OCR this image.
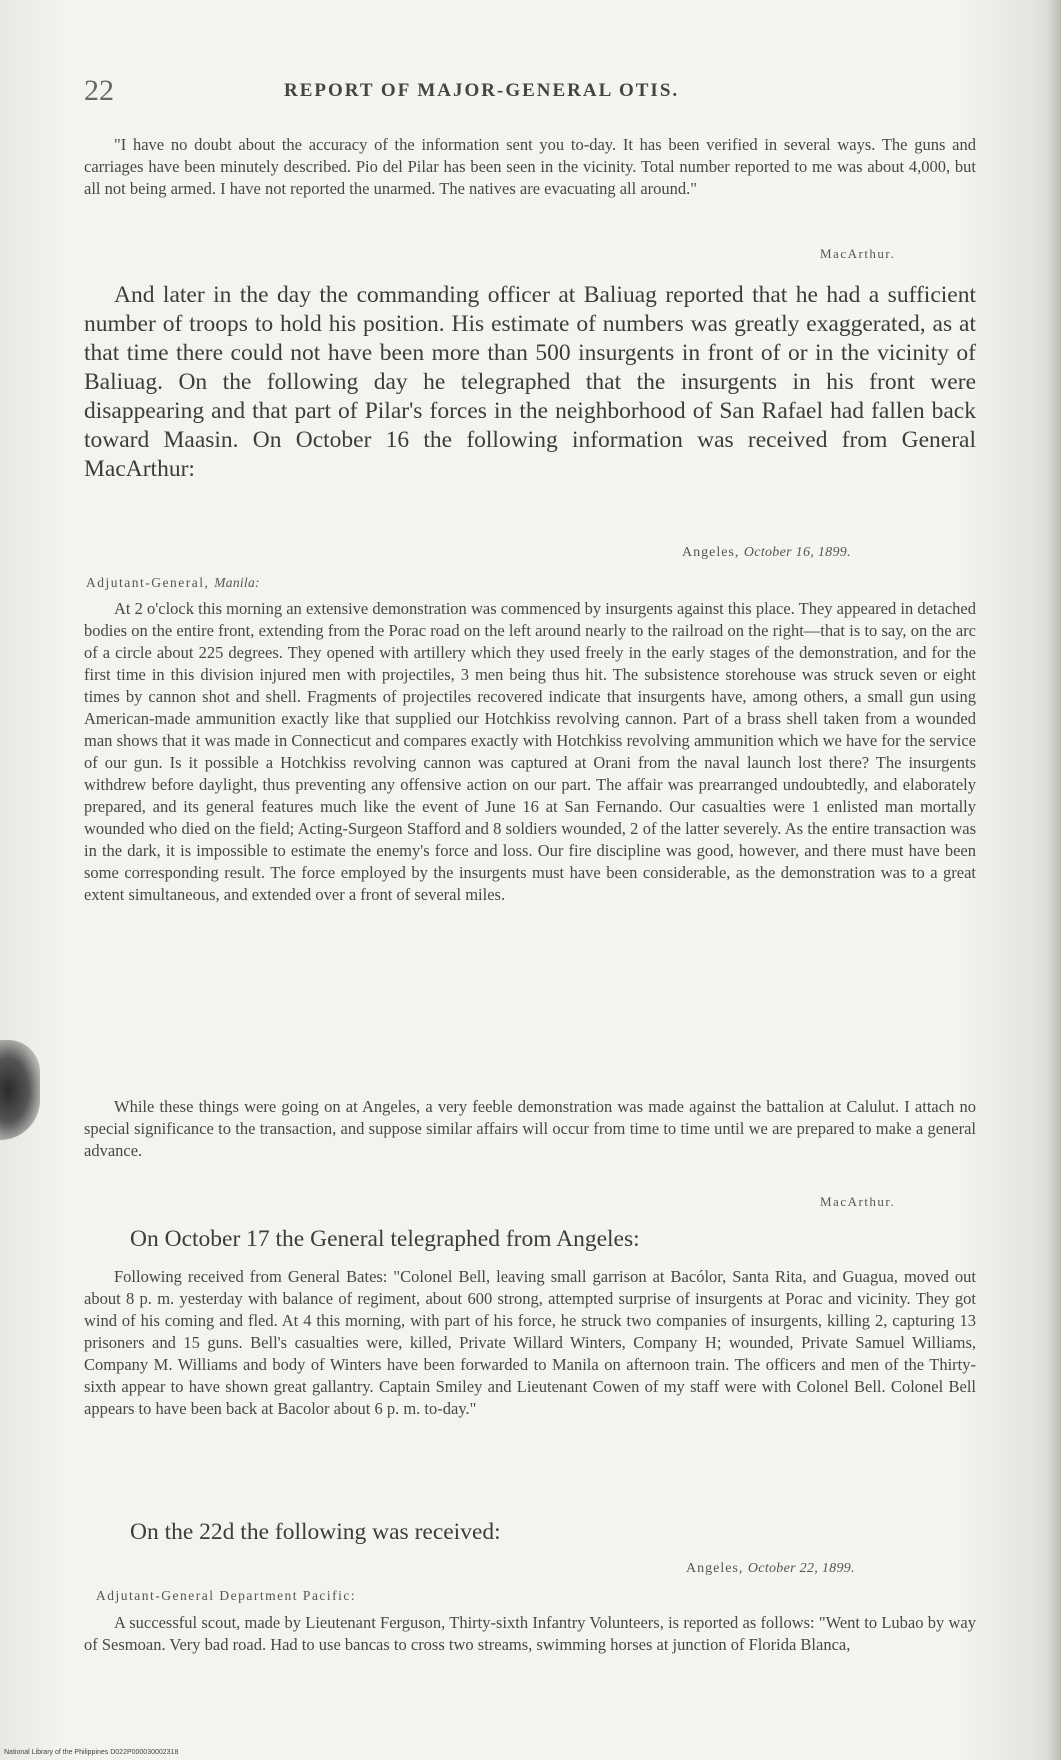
22	REPORT OF MAJOR-GENERAL OTIS.

"I have no doubt about the accuracy of the information sent you to-day. It has been verified in several ways. The guns and carriages have been minutely described. Pio del Pilar has been seen in the vicinity. Total number reported to me was about 4,000, but all not being armed. I have not reported the unarmed. The natives are evacuating all around."

MacArthur.

And later in the day the commanding officer at Baliuag reported that he had a sufficient number of troops to hold his position. His estimate of numbers was greatly exaggerated, as at that time there could not have been more than 500 insurgents in front of or in the vicinity of Baliuag. On the following day he telegraphed that the insurgents in his front were disappearing and that part of Pilar's forces in the neighborhood of San Rafael had fallen back toward Maasin. On October 16 the following information was received from General MacArthur:

Angeles, October 16, 1899.
Adjutant-General, Manila:

At 2 o'clock this morning an extensive demonstration was commenced by insurgents against this place. They appeared in detached bodies on the entire front, extending from the Porac road on the left around nearly to the railroad on the right—that is to say, on the arc of a circle about 225 degrees. They opened with artillery which they used freely in the early stages of the demonstration, and for the first time in this division injured men with projectiles, 3 men being thus hit. The subsistence storehouse was struck seven or eight times by cannon shot and shell. Fragments of projectiles recovered indicate that insurgents have, among others, a small gun using American-made ammunition exactly like that supplied our Hotchkiss revolving cannon. Part of a brass shell taken from a wounded man shows that it was made in Connecticut and compares exactly with Hotchkiss revolving ammunition which we have for the service of our gun. Is it possible a Hotchkiss revolving cannon was captured at Orani from the naval launch lost there? The insurgents withdrew before daylight, thus preventing any offensive action on our part. The affair was prearranged undoubtedly, and elaborately prepared, and its general features much like the event of June 16 at San Fernando. Our casualties were 1 enlisted man mortally wounded who died on the field; Acting-Surgeon Stafford and 8 soldiers wounded, 2 of the latter severely. As the entire transaction was in the dark, it is impossible to estimate the enemy's force and loss. Our fire discipline was good, however, and there must have been some corresponding result. The force employed by the insurgents must have been considerable, as the demonstration was to a great extent simultaneous, and extended over a front of several miles.

While these things were going on at Angeles, a very feeble demonstration was made against the battalion at Calulut. I attach no special significance to the transaction, and suppose similar affairs will occur from time to time until we are prepared to make a general advance.

MacArthur.

On October 17 the General telegraphed from Angeles:

Following received from General Bates: "Colonel Bell, leaving small garrison at Bacólor, Santa Rita, and Guagua, moved out about 8 p. m. yesterday with balance of regiment, about 600 strong, attempted surprise of insurgents at Porac and vicinity. They got wind of his coming and fled. At 4 this morning, with part of his force, he struck two companies of insurgents, killing 2, capturing 13 prisoners and 15 guns. Bell's casualties were, killed, Private Willard Winters, Company H; wounded, Private Samuel Williams, Company M. Williams and body of Winters have been forwarded to Manila on afternoon train. The officers and men of the Thirty-sixth appear to have shown great gallantry. Captain Smiley and Lieutenant Cowen of my staff were with Colonel Bell. Colonel Bell appears to have been back at Bacolor about 6 p. m. to-day."

On the 22d the following was received:

Angeles, October 22, 1899.
Adjutant-General Department Pacific:

A successful scout, made by Lieutenant Ferguson, Thirty-sixth Infantry Volunteers, is reported as follows: "Went to Lubao by way of Sesmoan. Very bad road. Had to use bancas to cross two streams, swimming horses at junction of Florida Blanca,

National Library of the Philippines D022P000030002318
